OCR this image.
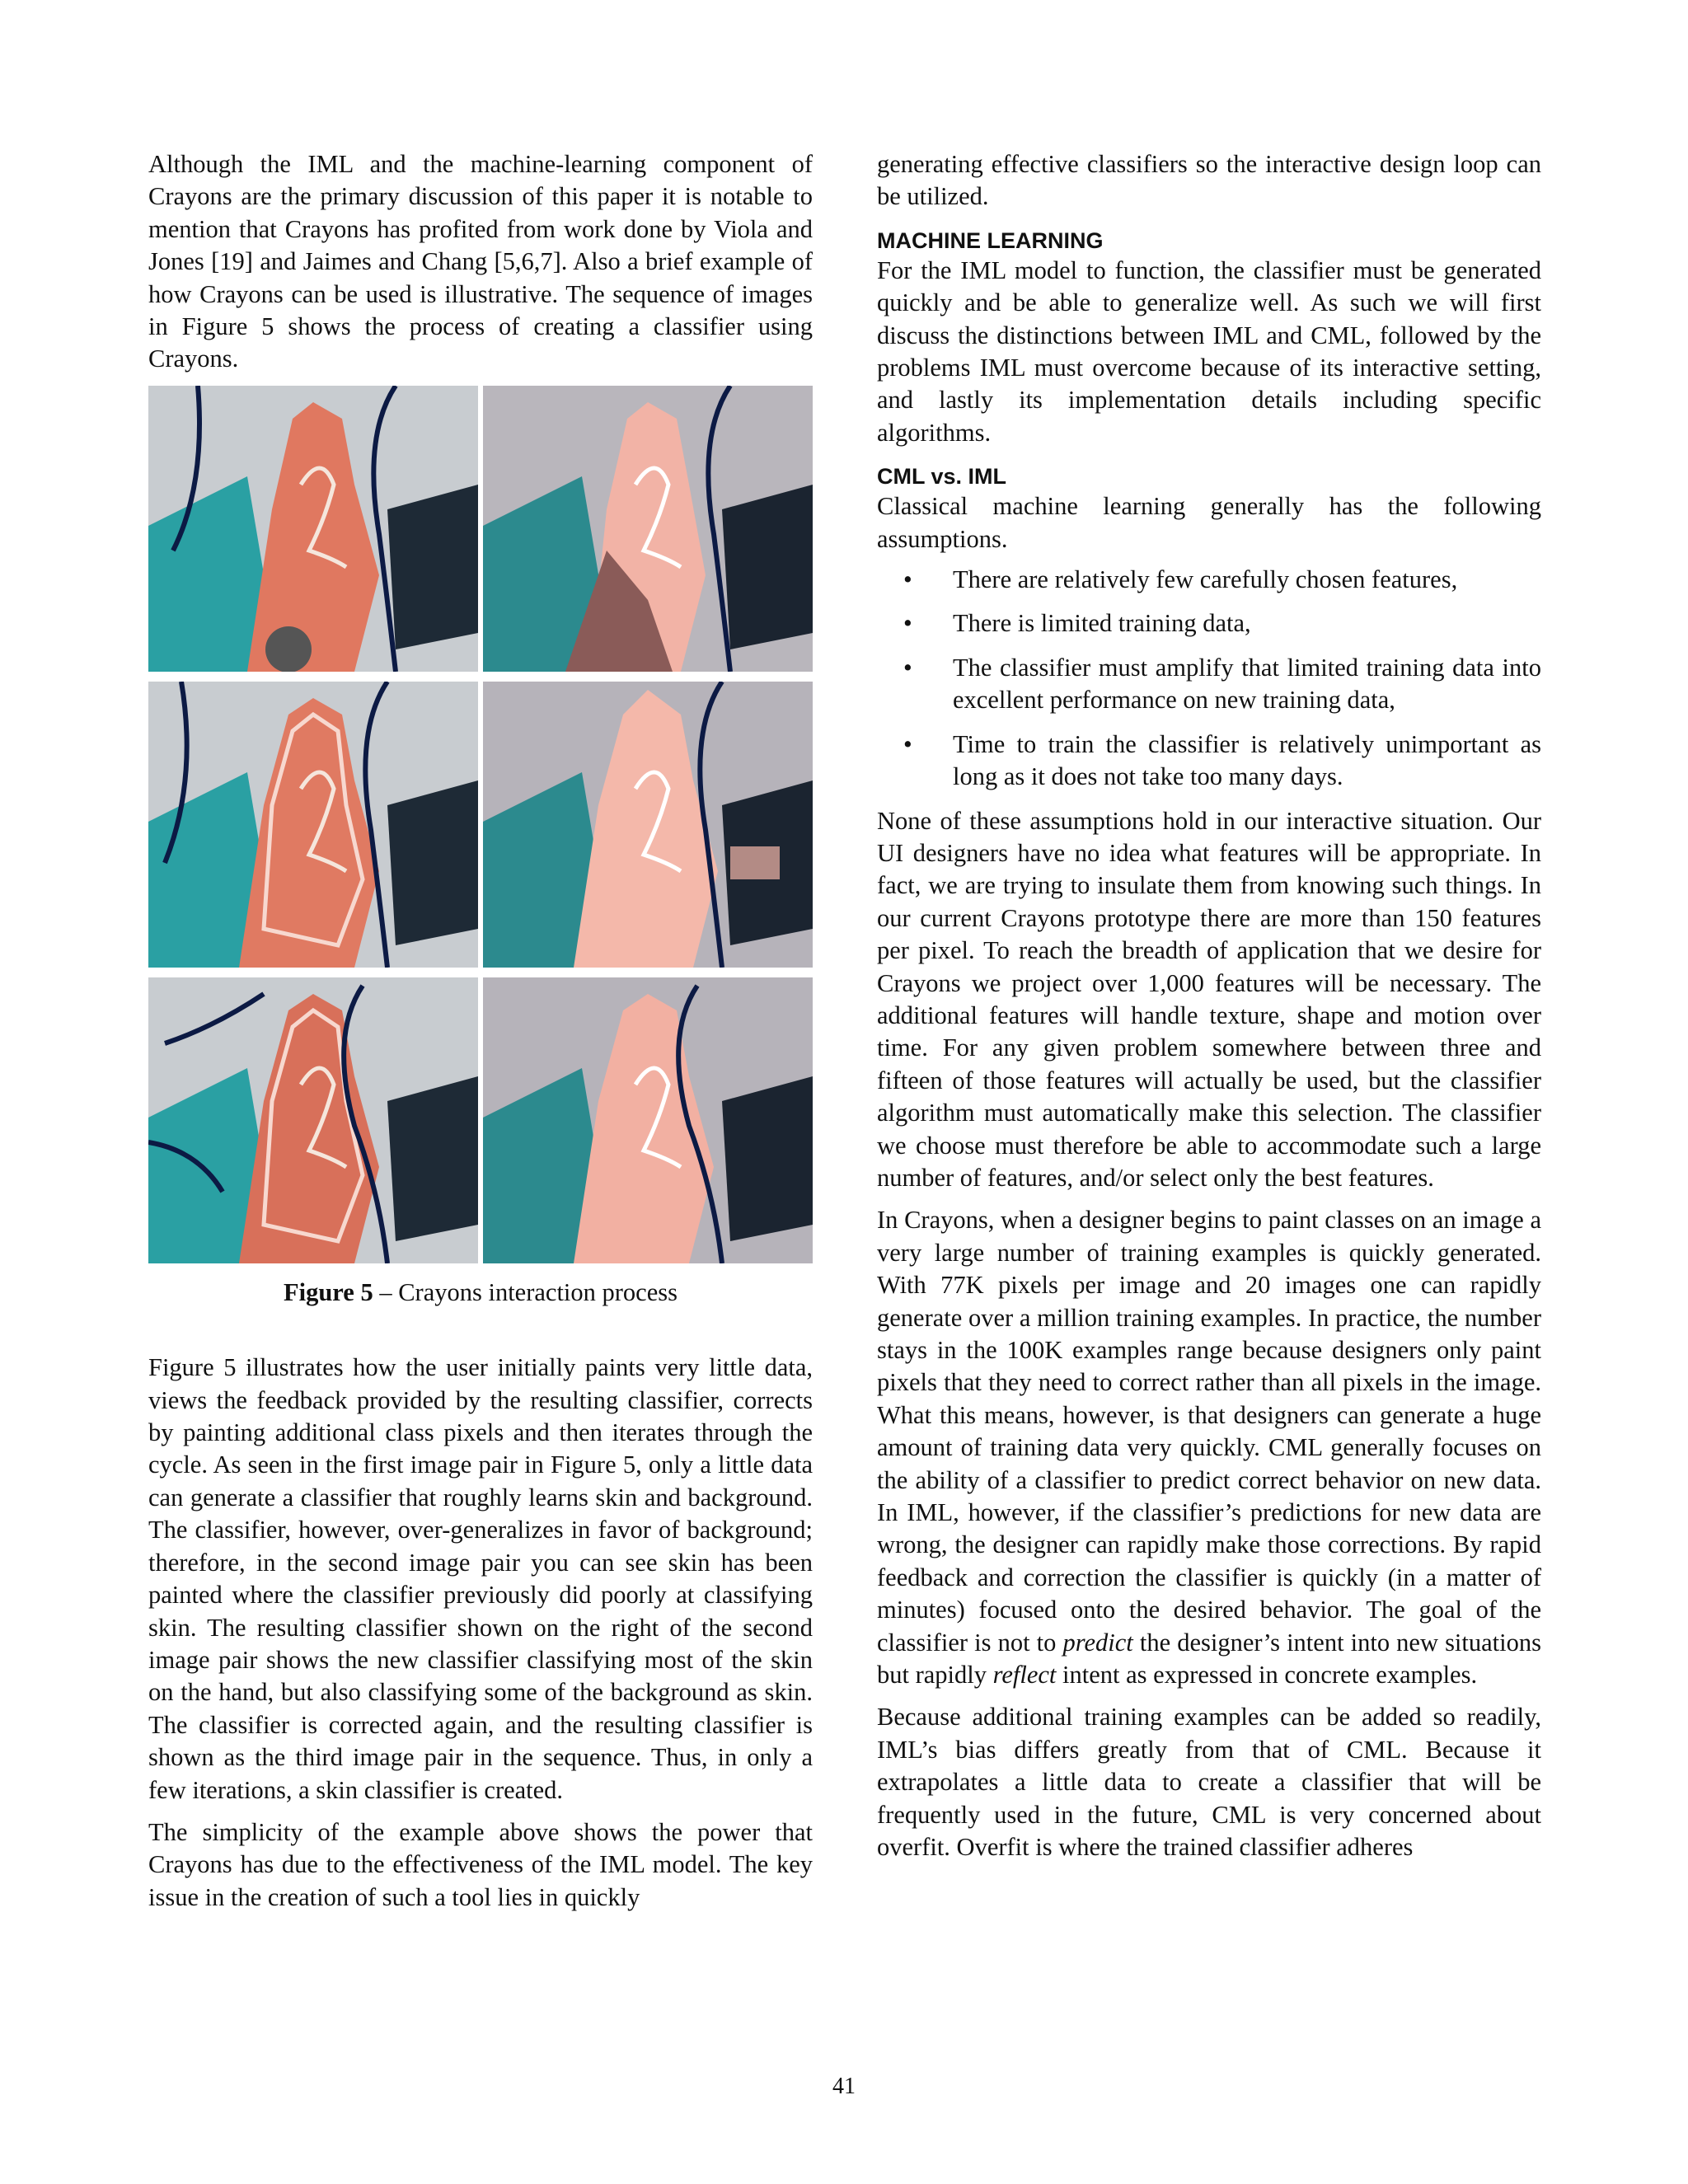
Although the IML and the machine-learning component of Crayons are the primary discussion of this paper it is notable to mention that Crayons has profited from work done by Viola and Jones [19] and Jaimes and Chang [5,6,7]. Also a brief example of how Crayons can be used is illustrative. The sequence of images in Figure 5 shows the process of creating a classifier using Crayons.

Figure 5 – Crayons interaction process

Figure 5 illustrates how the user initially paints very little data, views the feedback provided by the resulting classifier, corrects by painting additional class pixels and then iterates through the cycle. As seen in the first image pair in Figure 5, only a little data can generate a classifier that roughly learns skin and background. The classifier, however, over-generalizes in favor of background; therefore, in the second image pair you can see skin has been painted where the classifier previously did poorly at classifying skin. The resulting classifier shown on the right of the second image pair shows the new classifier classifying most of the skin on the hand, but also classifying some of the background as skin. The classifier is corrected again, and the resulting classifier is shown as the third image pair in the sequence. Thus, in only a few iterations, a skin classifier is created.

The simplicity of the example above shows the power that Crayons has due to the effectiveness of the IML model. The key issue in the creation of such a tool lies in quickly

generating effective classifiers so the interactive design loop can be utilized.

MACHINE LEARNING

For the IML model to function, the classifier must be generated quickly and be able to generalize well. As such we will first discuss the distinctions between IML and CML, followed by the problems IML must overcome because of its interactive setting, and lastly its implementation details including specific algorithms.

CML vs. IML

Classical machine learning generally has the following assumptions.

• There are relatively few carefully chosen features,
• There is limited training data,
• The classifier must amplify that limited training data into excellent performance on new training data,
• Time to train the classifier is relatively unimportant as long as it does not take too many days.

None of these assumptions hold in our interactive situation. Our UI designers have no idea what features will be appropriate. In fact, we are trying to insulate them from knowing such things. In our current Crayons prototype there are more than 150 features per pixel. To reach the breadth of application that we desire for Crayons we project over 1,000 features will be necessary. The additional features will handle texture, shape and motion over time. For any given problem somewhere between three and fifteen of those features will actually be used, but the classifier algorithm must automatically make this selection. The classifier we choose must therefore be able to accommodate such a large number of features, and/or select only the best features.

In Crayons, when a designer begins to paint classes on an image a very large number of training examples is quickly generated. With 77K pixels per image and 20 images one can rapidly generate over a million training examples. In practice, the number stays in the 100K examples range because designers only paint pixels that they need to correct rather than all pixels in the image. What this means, however, is that designers can generate a huge amount of training data very quickly. CML generally focuses on the ability of a classifier to predict correct behavior on new data. In IML, however, if the classifier’s predictions for new data are wrong, the designer can rapidly make those corrections. By rapid feedback and correction the classifier is quickly (in a matter of minutes) focused onto the desired behavior. The goal of the classifier is not to predict the designer’s intent into new situations but rapidly reflect intent as expressed in concrete examples.

Because additional training examples can be added so readily, IML’s bias differs greatly from that of CML. Because it extrapolates a little data to create a classifier that will be frequently used in the future, CML is very concerned about overfit. Overfit is where the trained classifier adheres

41
